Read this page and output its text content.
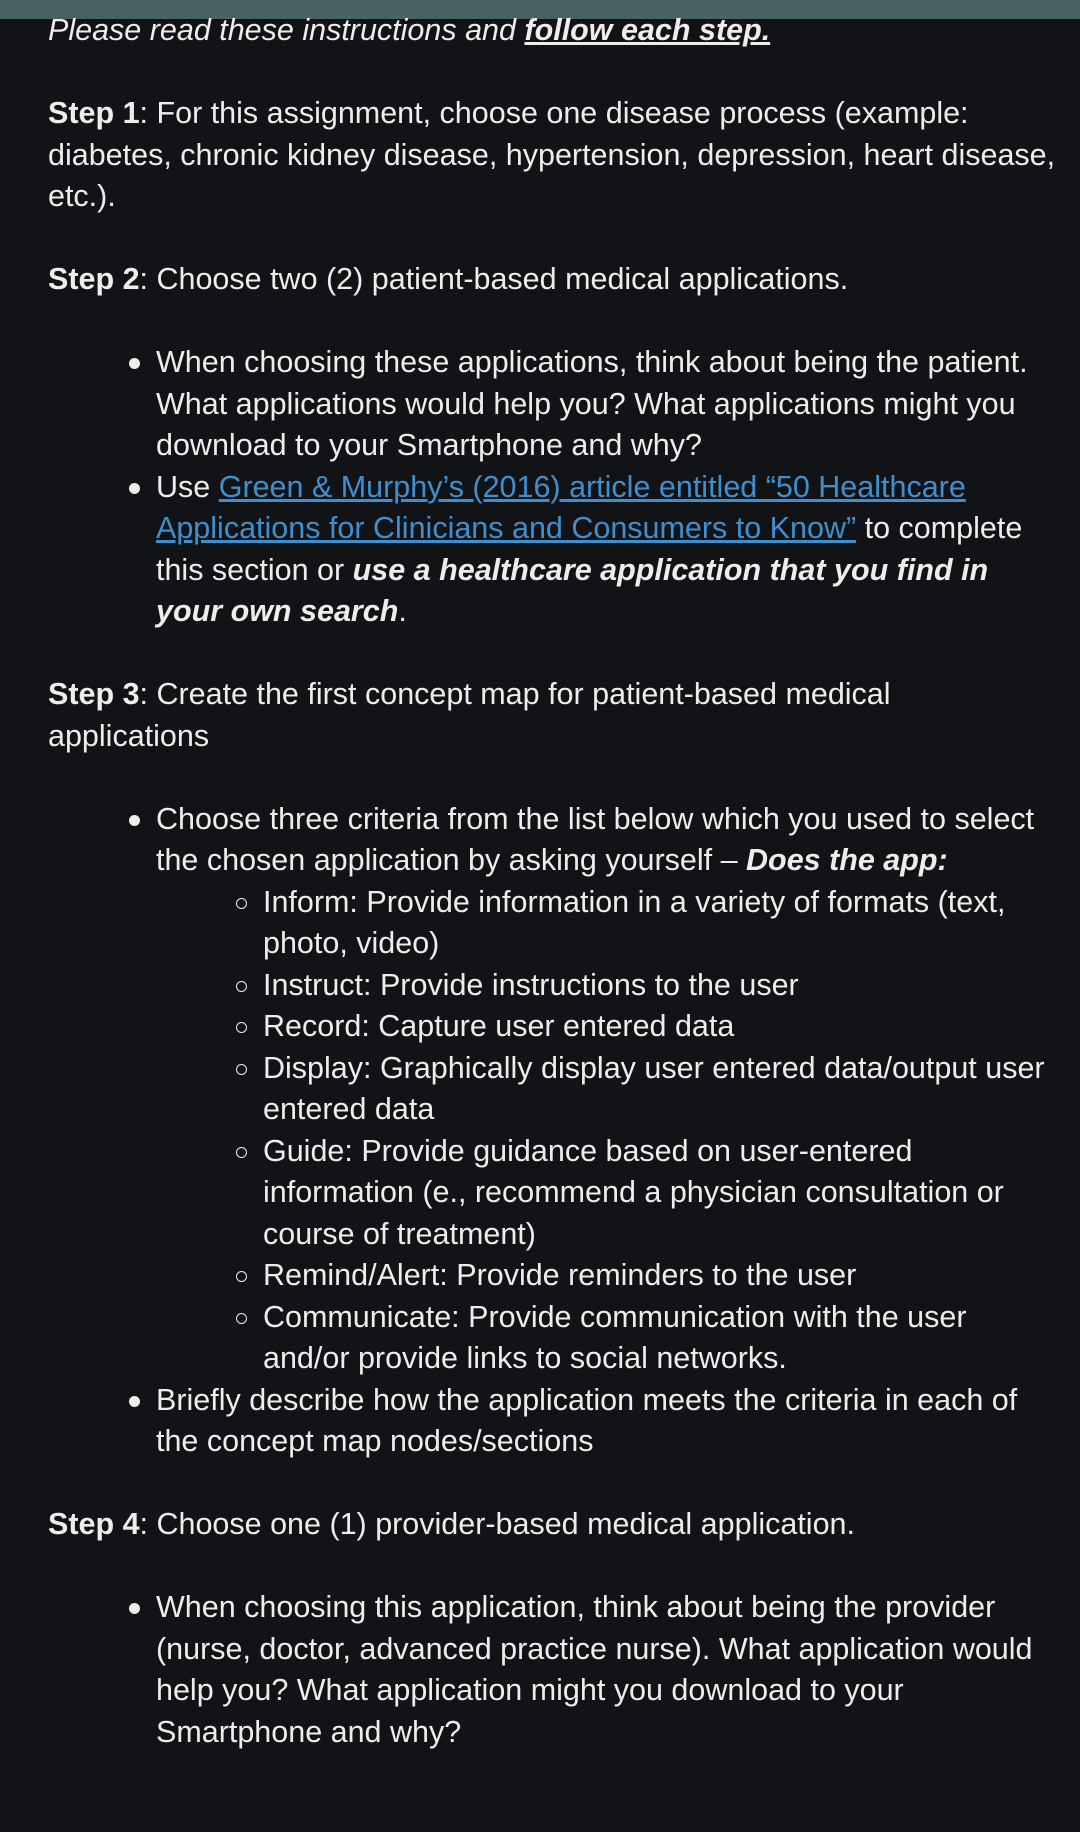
Please read these instructions and follow each step.

Step 1: For this assignment, choose one disease process (example: diabetes, chronic kidney disease, hypertension, depression, heart disease, etc.).

Step 2: Choose two (2) patient-based medical applications.

When choosing these applications, think about being the patient. What applications would help you? What applications might you download to your Smartphone and why?
Use Green & Murphy’s (2016) article entitled “50 Healthcare Applications for Clinicians and Consumers to Know” to complete this section or use a healthcare application that you find in your own search.

Step 3: Create the first concept map for patient-based medical applications

Choose three criteria from the list below which you used to select the chosen application by asking yourself – Does the app:
Inform: Provide information in a variety of formats (text, photo, video)
Instruct: Provide instructions to the user
Record: Capture user entered data
Display: Graphically display user entered data/output user entered data
Guide: Provide guidance based on user-entered information (e., recommend a physician consultation or course of treatment)
Remind/Alert: Provide reminders to the user
Communicate: Provide communication with the user and/or provide links to social networks.
Briefly describe how the application meets the criteria in each of the concept map nodes/sections

Step 4: Choose one (1) provider-based medical application.

When choosing this application, think about being the provider (nurse, doctor, advanced practice nurse). What application would help you? What application might you download to your Smartphone and why?
